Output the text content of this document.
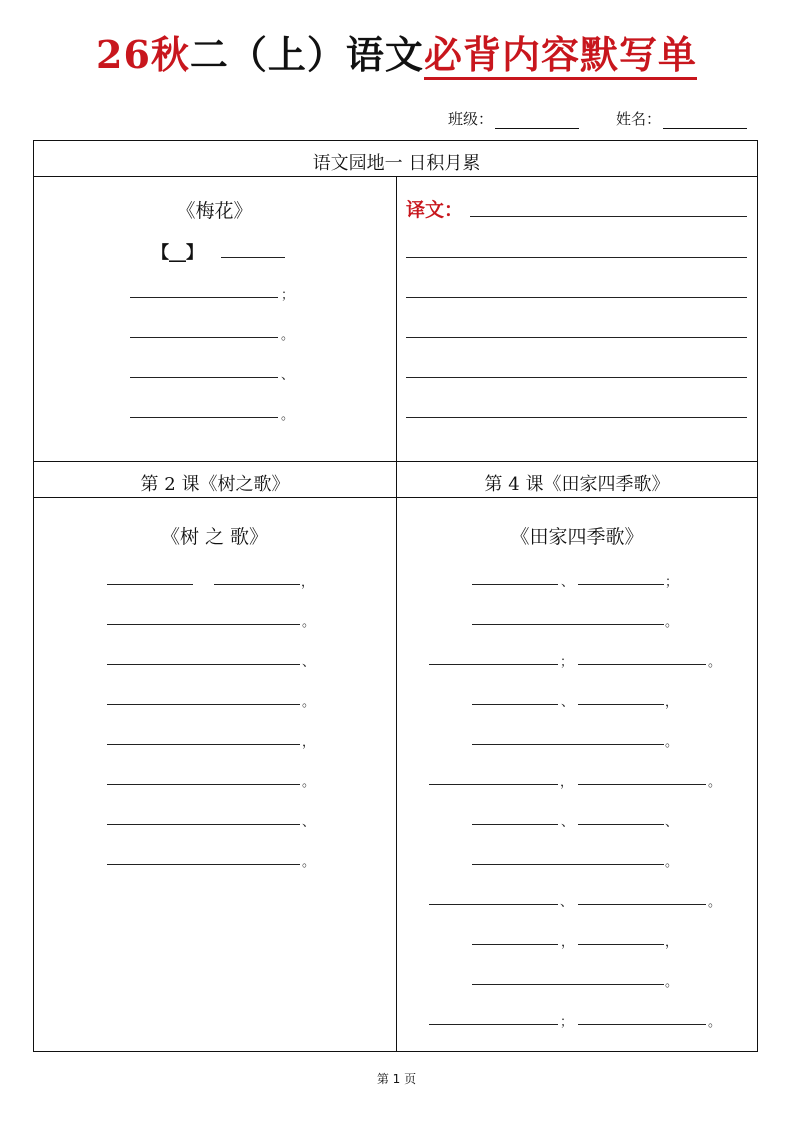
26秋二（上）语文必背内容默写单
班级：	姓名：
语文园地一 日积月累
第 2 课《树之歌》	第 4 课《田家四季歌》
《梅花》
【__】
；
。
、
。
译文：
《树 之 歌》
，
。
、
。
，
。
、
。
《田家四季歌》
、	；
。
；	。
、	，
。
，	。
、	、
。
、	。
，	，
。
；	。
第 1 页
